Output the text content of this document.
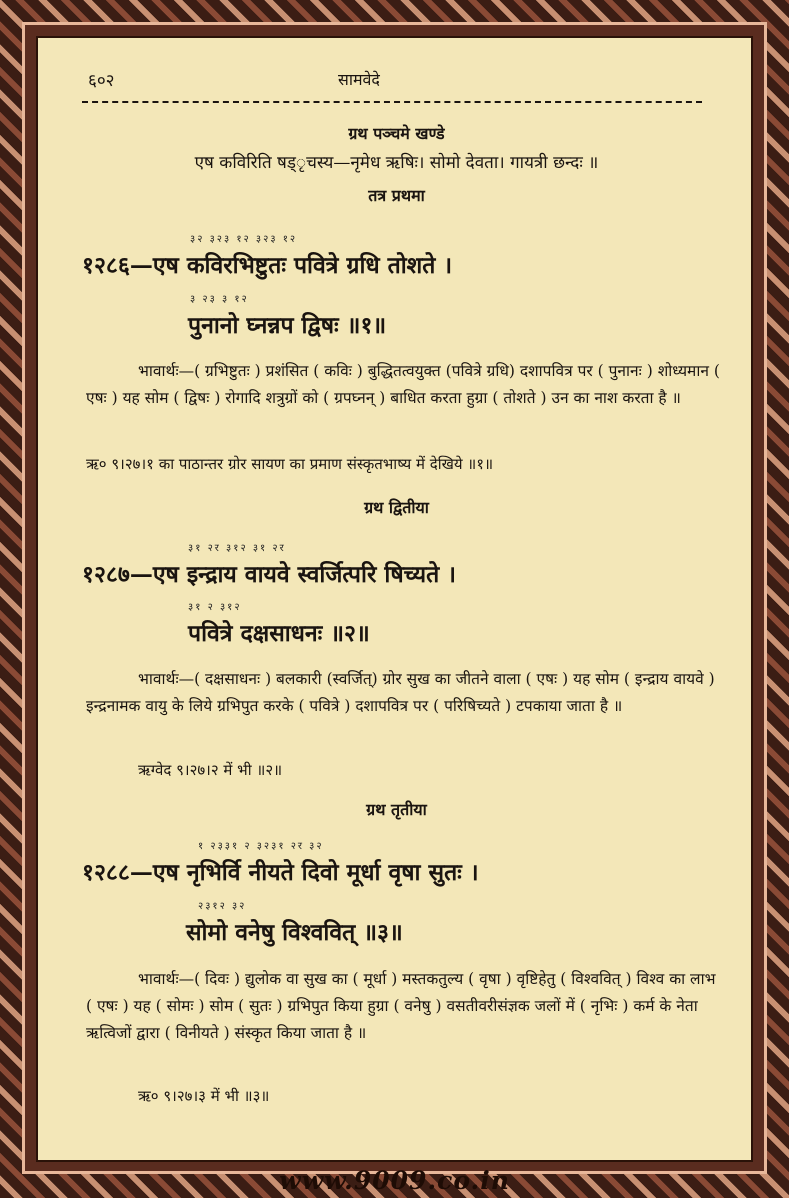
६०२	सामवेदे
ग्रथ पञ्चमे खण्डे
एष कविरिति षड्ृचस्य—नृमेध ऋषिः। सोमो देवता। गायत्री छन्दः ॥
तत्र प्रथमा
३२ ३२३ १२ ३२३ १२
१२८६—एष कविरभिष्टुतः पवित्रे ग्रधि तोशते ।
३ २३ ३ १२
पुनानो घ्नन्नप द्विषः ॥१॥
भावार्थः—( ग्रभिष्टुतः ) प्रशंसित ( कविः ) बुद्धितत्वयुक्त (पवित्रे ग्रधि) दशापवित्र पर ( पुनानः ) शोध्यमान ( एषः ) यह सोम ( द्विषः ) रोगादि शत्रुग्रों को ( ग्रपघ्नन् ) बाधित करता हुग्रा ( तोशते ) उन का नाश करता है ॥
ऋ० ९।२७।१ का पाठान्तर ग्रोर सायण का प्रमाण संस्कृतभाष्य में देखिये ॥१॥
ग्रथ द्वितीया
३१ २र ३१२ ३१ २र
१२८७—एष इन्द्राय वायवे स्वर्जित्परि षिच्यते ।
३१ २ ३१२
पवित्रे दक्षसाधनः ॥२॥
भावार्थः—( दक्षसाधनः ) बलकारी (स्वर्जित्) ग्रोर सुख का जीतने वाला ( एषः ) यह सोम ( इन्द्राय वायवे ) इन्द्रनामक वायु के लिये ग्रभिपुत करके ( पवित्रे ) दशापवित्र पर ( परिषिच्यते ) टपकाया जाता है ॥
ऋग्वेद ९।२७।२ में भी ॥२॥
ग्रथ तृतीया
१ २३३१ २ ३२३१ २र ३२
१२८८—एष नृभिर्वि नीयते दिवो मूर्धा वृषा सुतः ।
२३१२ ३२
सोमो वनेषु विश्ववित् ॥३॥
भावार्थः—( दिवः ) द्युलोक वा सुख का ( मूर्धा ) मस्तकतुल्य ( वृषा ) वृष्टिहेतु ( विश्ववित् ) विश्व का लाभ ( एषः ) यह ( सोमः ) सोम ( सुतः ) ग्रभिपुत किया हुग्रा ( वनेषु ) वसतीवरीसंज्ञक जलों में ( नृभिः ) कर्म के नेता ऋत्विजों द्वारा ( विनीयते ) संस्कृत किया जाता है ॥
ऋ० ९।२७।३ में भी ॥३॥
www.9009.co.in
